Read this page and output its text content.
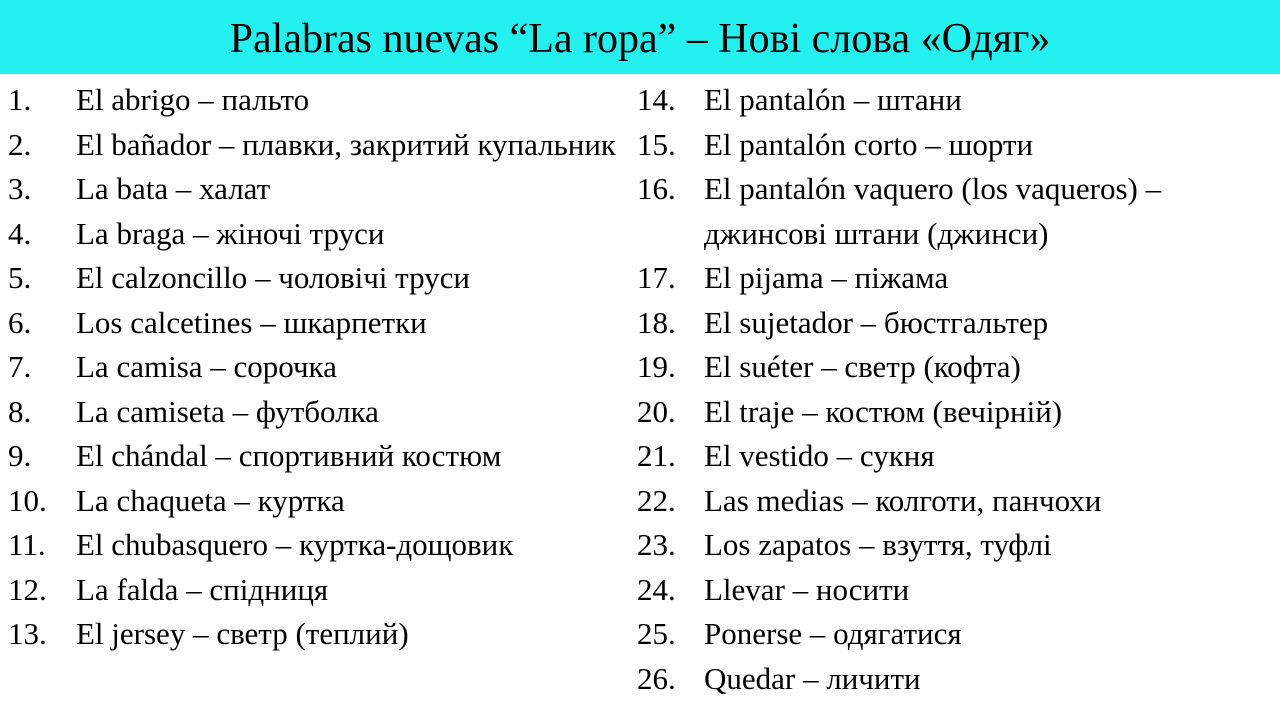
Palabras nuevas “La ropa” – Нові слова «Одяг»
1.	El abrigo – пальто
2.	El bañador – плавки, закритий купальник
3.	La bata – халат
4.	La braga – жіночі труси
5.	El calzoncillo – чоловічі труси
6.	Los calcetines – шкарпетки
7.	La camisa – сорочка
8.	La camiseta – футболка
9.	El chándal – спортивний костюм
10. La chaqueta – куртка
11. El chubasquero – куртка-дощовик
12. La falda – спідниця
13. El jersey – светр (теплий)
14. El pantalón – штани
15. El pantalón corto – шорти
16. El pantalón vaquero (los vaqueros) – джинсові штани (джинси)
17. El pijama – піжама
18. El sujetador – бюстгальтер
19. El suéter – светр (кофта)
20. El traje – костюм (вечірній)
21. El vestido – сукня
22. Las medias – колготи, панчохи
23. Los zapatos – взуття, туфлі
24. Llevar – носити
25. Ponerse – одягатися
26. Quedar – личити
